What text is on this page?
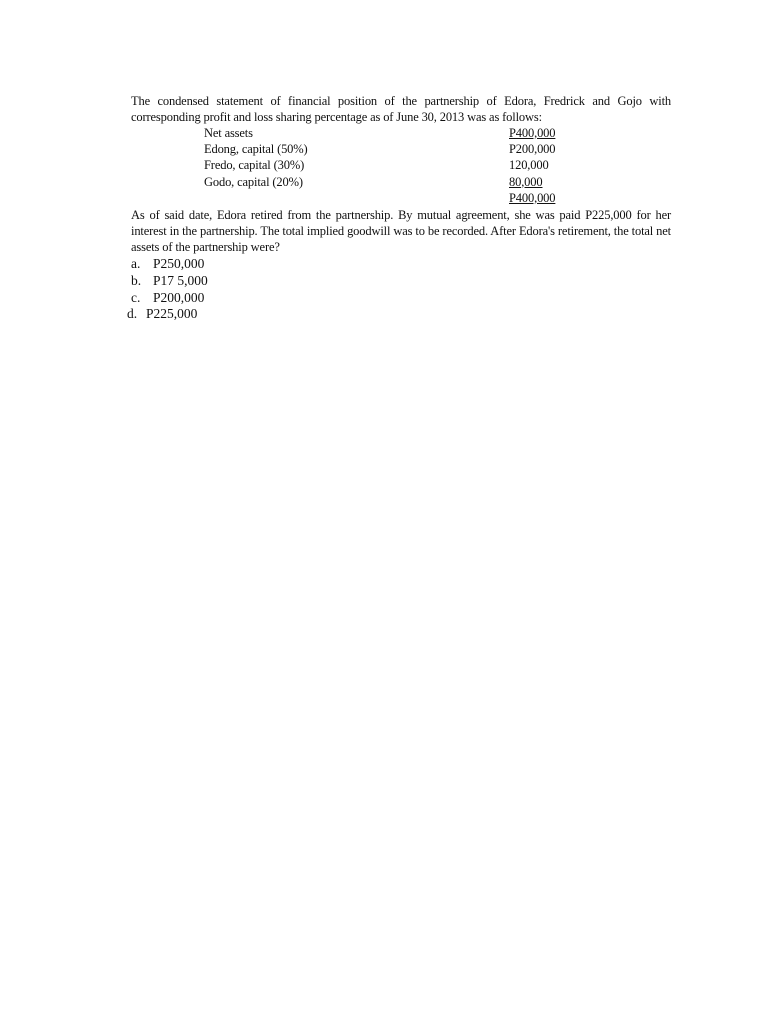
The condensed statement of financial position of the partnership of Edora, Fredrick and Gojo with corresponding profit and loss sharing percentage as of June 30, 2013 was as follows:
Net assets	P400,000
Edong, capital (50%)	P200,000
Fredo, capital (30%)	120,000
Godo, capital (20%)	80,000
P400,000
As of said date, Edora retired from the partnership. By mutual agreement, she was paid P225,000 for her interest in the partnership. The total implied goodwill was to be recorded. After Edora's retirement, the total net assets of the partnership were?
a. P250,000
b. P17 5,000
c. P200,000
d. P225,000
